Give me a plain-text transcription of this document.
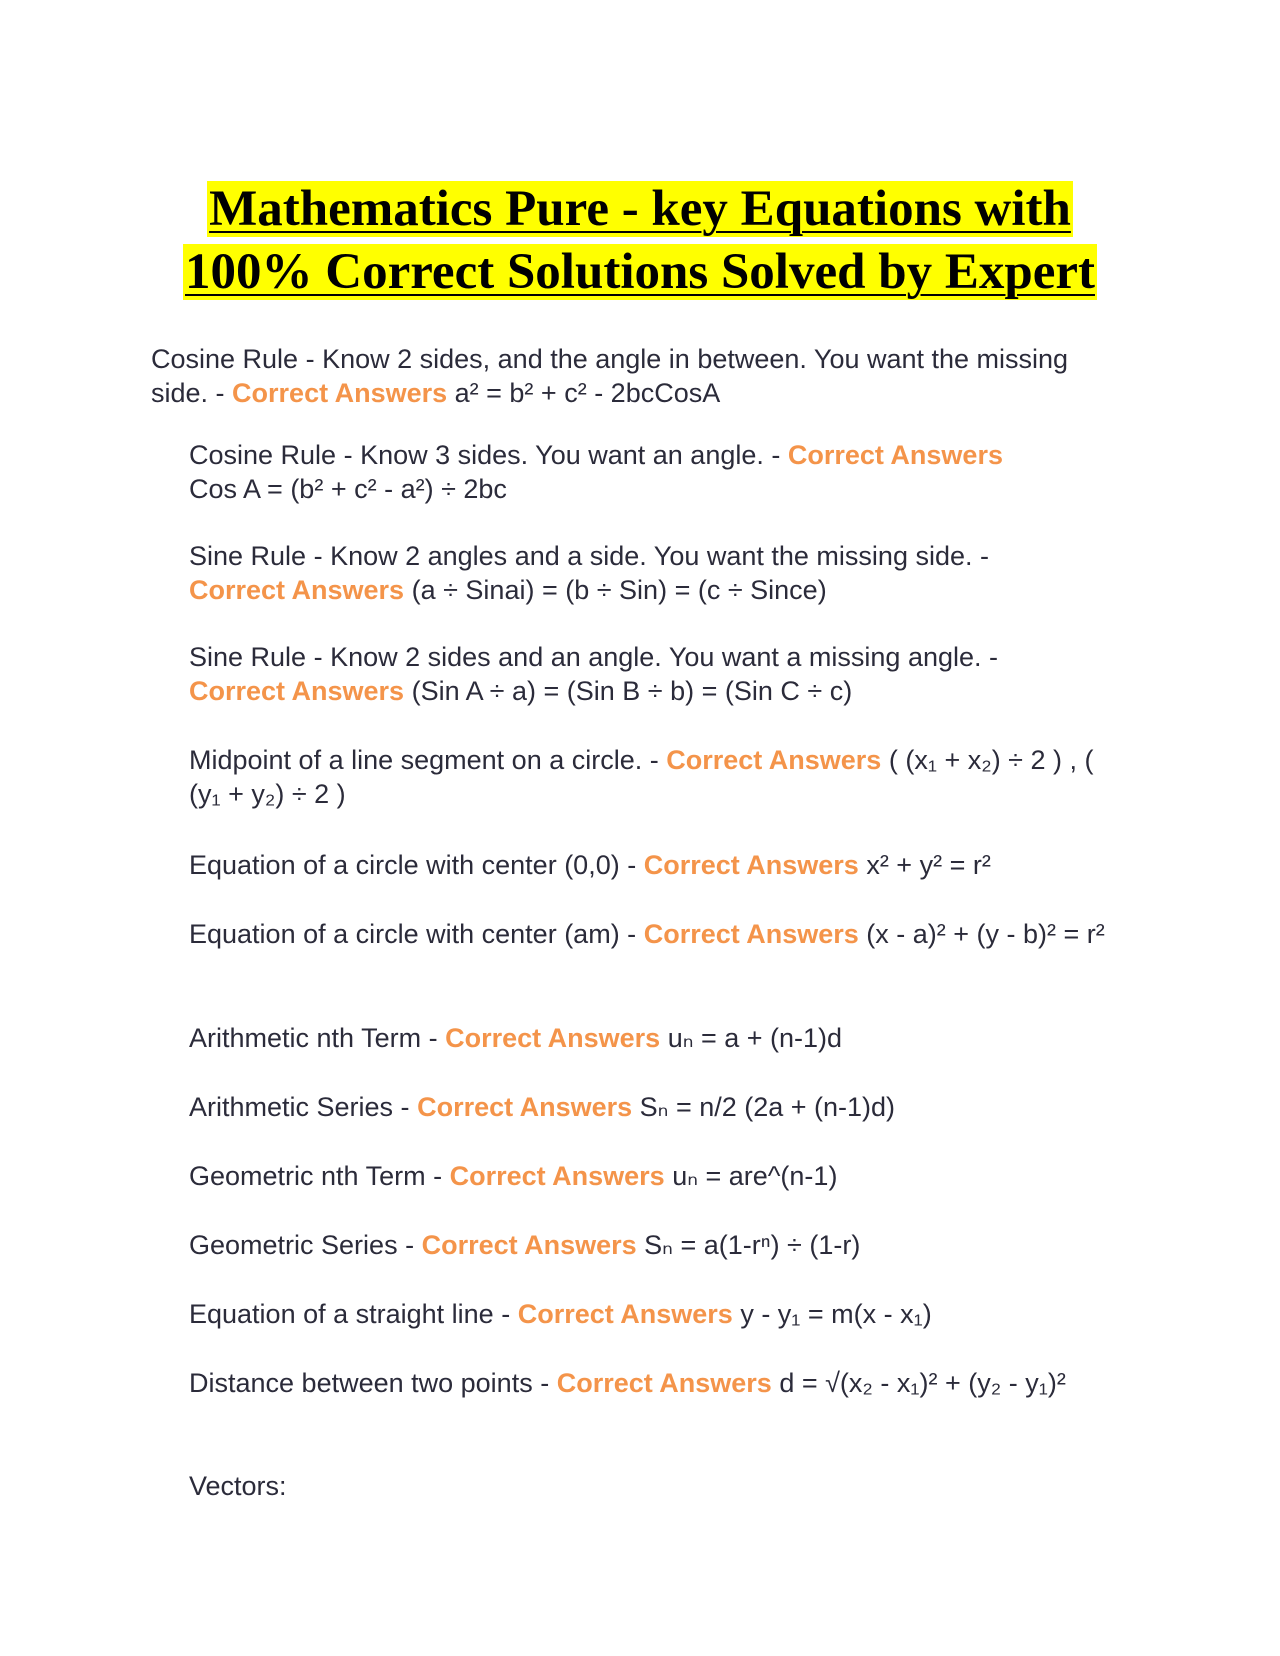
Mathematics Pure - key Equations with
100% Correct Solutions Solved by Expert
Cosine Rule - Know 2 sides, and the angle in between. You want the missing side. - Correct Answers a² = b² + c² - 2bcCosA
Cosine Rule - Know 3 sides. You want an angle. - Correct Answers
Cos A = (b² + c² - a²) ÷ 2bc
Sine Rule - Know 2 angles and a side. You want the missing side. -
Correct Answers (a ÷ Sinai) = (b ÷ Sin) = (c ÷ Since)
Sine Rule - Know 2 sides and an angle. You want a missing angle. -
Correct Answers (Sin A ÷ a) = (Sin B ÷ b) = (Sin C ÷ c)
Midpoint of a line segment on a circle. - Correct Answers ( (x₁ + x₂) ÷ 2 ) , ( (y₁ + y₂) ÷ 2 )
Equation of a circle with center (0,0) - Correct Answers x² + y² = r²
Equation of a circle with center (am) - Correct Answers (x - a)² + (y - b)² = r²
Arithmetic nth Term - Correct Answers uₙ = a + (n-1)d
Arithmetic Series - Correct Answers Sₙ = n/2 (2a + (n-1)d)
Geometric nth Term - Correct Answers uₙ = are^(n-1)
Geometric Series - Correct Answers Sₙ = a(1-rⁿ) ÷ (1-r)
Equation of a straight line - Correct Answers y - y₁ = m(x - x₁)
Distance between two points - Correct Answers d = √(x₂ - x₁)² + (y₂ - y₁)²
Vectors:
